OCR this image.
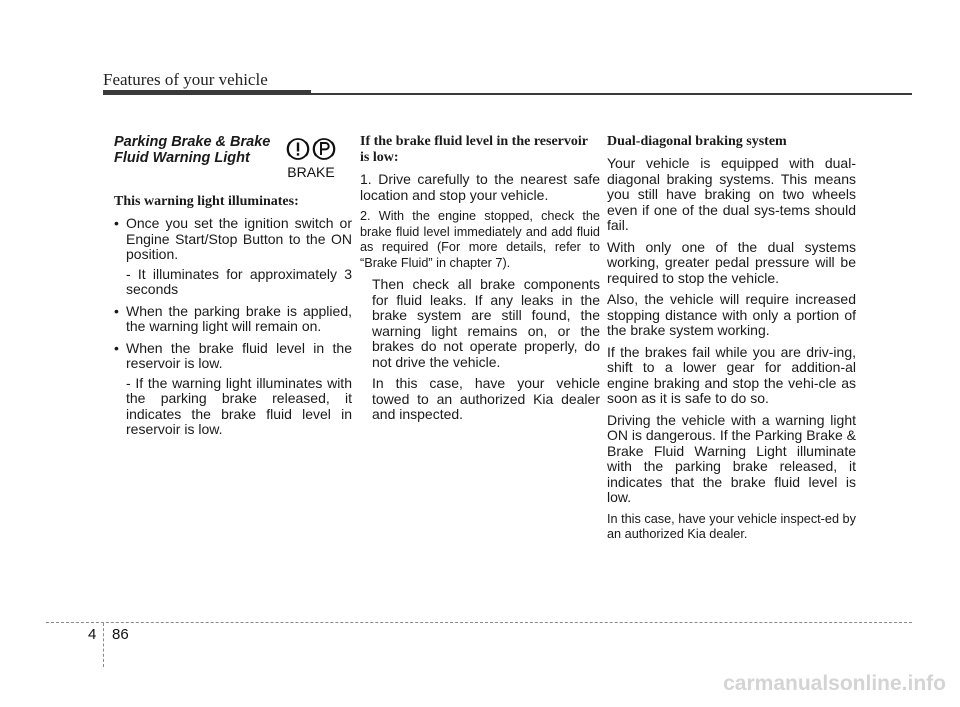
Features of your vehicle

Parking Brake & Brake Fluid Warning Light

BRAKE

This warning light illuminates:

• Once you set the ignition switch or Engine Start/Stop Button to the ON position.
- It illuminates for approximately 3 seconds
• When the parking brake is applied, the warning light will remain on.
• When the brake fluid level in the reservoir is low.
- If the warning light illuminates with the parking brake released, it indicates the brake fluid level in reservoir is low.

If the brake fluid level in the reservoir is low:

1. Drive carefully to the nearest safe location and stop your vehicle.

2. With the engine stopped, check the brake fluid level immediately and add fluid as required (For more details, refer to “Brake Fluid” in chapter 7).

Then check all brake components for fluid leaks. If any leaks in the brake system are still found, the warning light remains on, or the brakes do not operate properly, do not drive the vehicle.

In this case, have your vehicle towed to an authorized Kia dealer and inspected.

Dual-diagonal braking system

Your vehicle is equipped with dual-diagonal braking systems. This means you still have braking on two wheels even if one of the dual sys-tems should fail.

With only one of the dual systems working, greater pedal pressure will be required to stop the vehicle.

Also, the vehicle will require increased stopping distance with only a portion of the brake system working.

If the brakes fail while you are driv-ing, shift to a lower gear for addition-al engine braking and stop the vehi-cle as soon as it is safe to do so.

Driving the vehicle with a warning light ON is dangerous. If the Parking Brake & Brake Fluid Warning Light illuminate with the parking brake released, it indicates that the brake fluid level is low.

In this case, have your vehicle inspect-ed by an authorized Kia dealer.

4 86
carmanualsonline.info
